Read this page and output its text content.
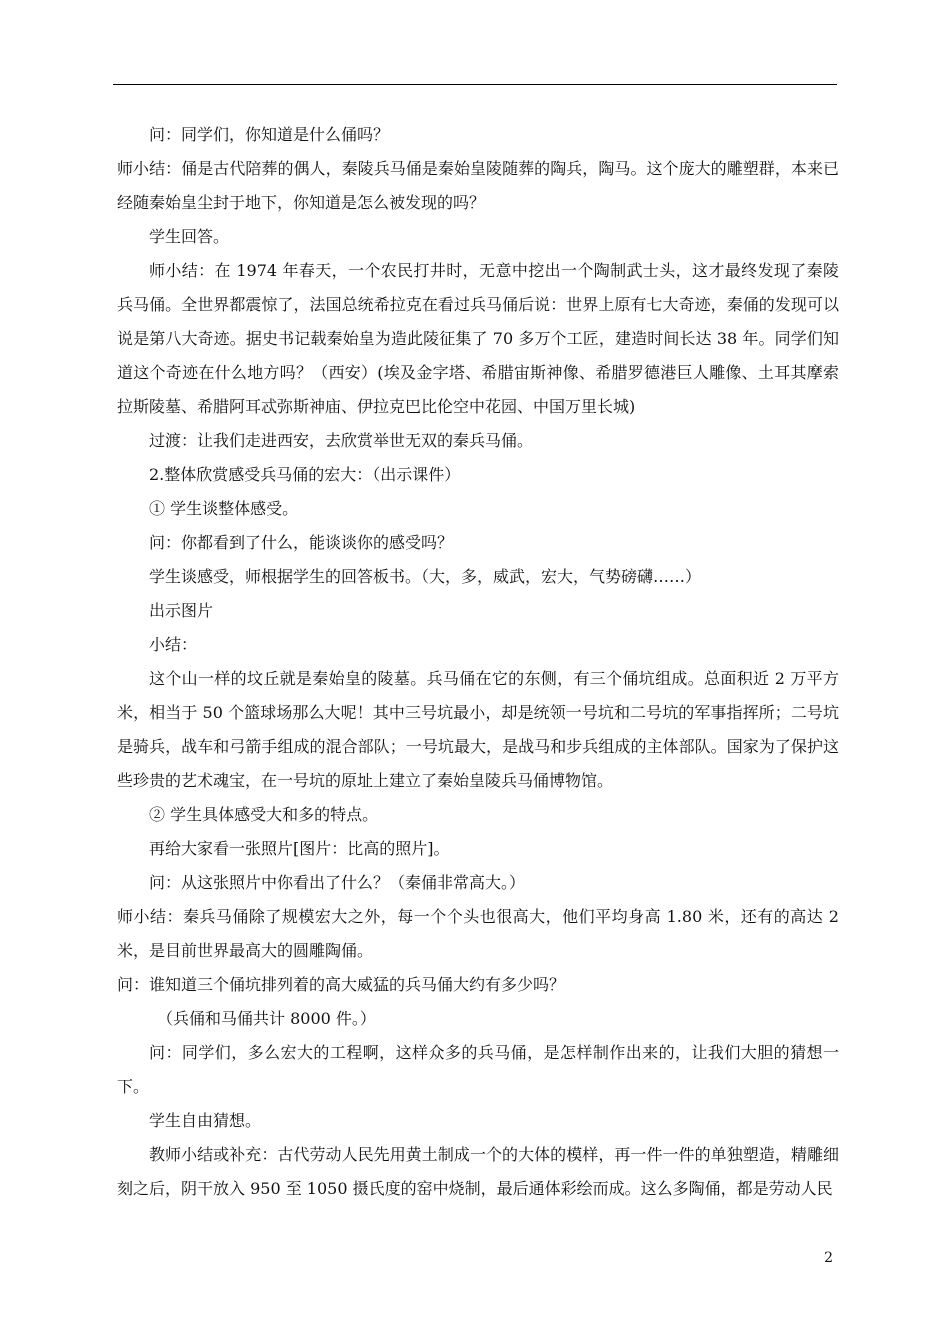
问：同学们，你知道是什么俑吗？

师小结：俑是古代陪葬的偶人，秦陵兵马俑是秦始皇陵随葬的陶兵，陶马。这个庞大的雕塑群，本来已经随秦始皇尘封于地下，你知道是怎么被发现的吗？

学生回答。

师小结：在 1974 年春天，一个农民打井时，无意中挖出一个陶制武士头，这才最终发现了秦陵兵马俑。全世界都震惊了，法国总统希拉克在看过兵马俑后说：世界上原有七大奇迹，秦俑的发现可以说是第八大奇迹。据史书记载秦始皇为造此陵征集了 70 多万个工匠，建造时间长达 38 年。同学们知道这个奇迹在什么地方吗？（西安）(埃及金字塔、希腊宙斯神像、希腊罗德港巨人雕像、土耳其摩索拉斯陵墓、希腊阿耳忒弥斯神庙、伊拉克巴比伦空中花园、中国万里长城)

过渡：让我们走进西安，去欣赏举世无双的秦兵马俑。

2.整体欣赏感受兵马俑的宏大：（出示课件）

① 学生谈整体感受。

问：你都看到了什么，能谈谈你的感受吗？

学生谈感受，师根据学生的回答板书。（大，多，威武，宏大，气势磅礴……）

出示图片

小结：

这个山一样的坟丘就是秦始皇的陵墓。兵马俑在它的东侧，有三个俑坑组成。总面积近 2 万平方米，相当于 50 个篮球场那么大呢！其中三号坑最小，却是统领一号坑和二号坑的军事指挥所；二号坑是骑兵，战车和弓箭手组成的混合部队；一号坑最大，是战马和步兵组成的主体部队。国家为了保护这些珍贵的艺术魂宝，在一号坑的原址上建立了秦始皇陵兵马俑博物馆。

② 学生具体感受大和多的特点。

再给大家看一张照片[图片：比高的照片]。

问：从这张照片中你看出了什么？（秦俑非常高大。）

师小结：秦兵马俑除了规模宏大之外，每一个个头也很高大，他们平均身高 1.80 米，还有的高达 2 米，是目前世界最高大的圆雕陶俑。

问：谁知道三个俑坑排列着的高大威猛的兵马俑大约有多少吗？

（兵俑和马俑共计 8000 件。）

问：同学们，多么宏大的工程啊，这样众多的兵马俑，是怎样制作出来的，让我们大胆的猜想一下。

学生自由猜想。

教师小结或补充：古代劳动人民先用黄土制成一个的大体的模样，再一件一件的单独塑造，精雕细刻之后，阴干放入 950 至 1050 摄氏度的窑中烧制，最后通体彩绘而成。这么多陶俑，都是劳动人民

2
